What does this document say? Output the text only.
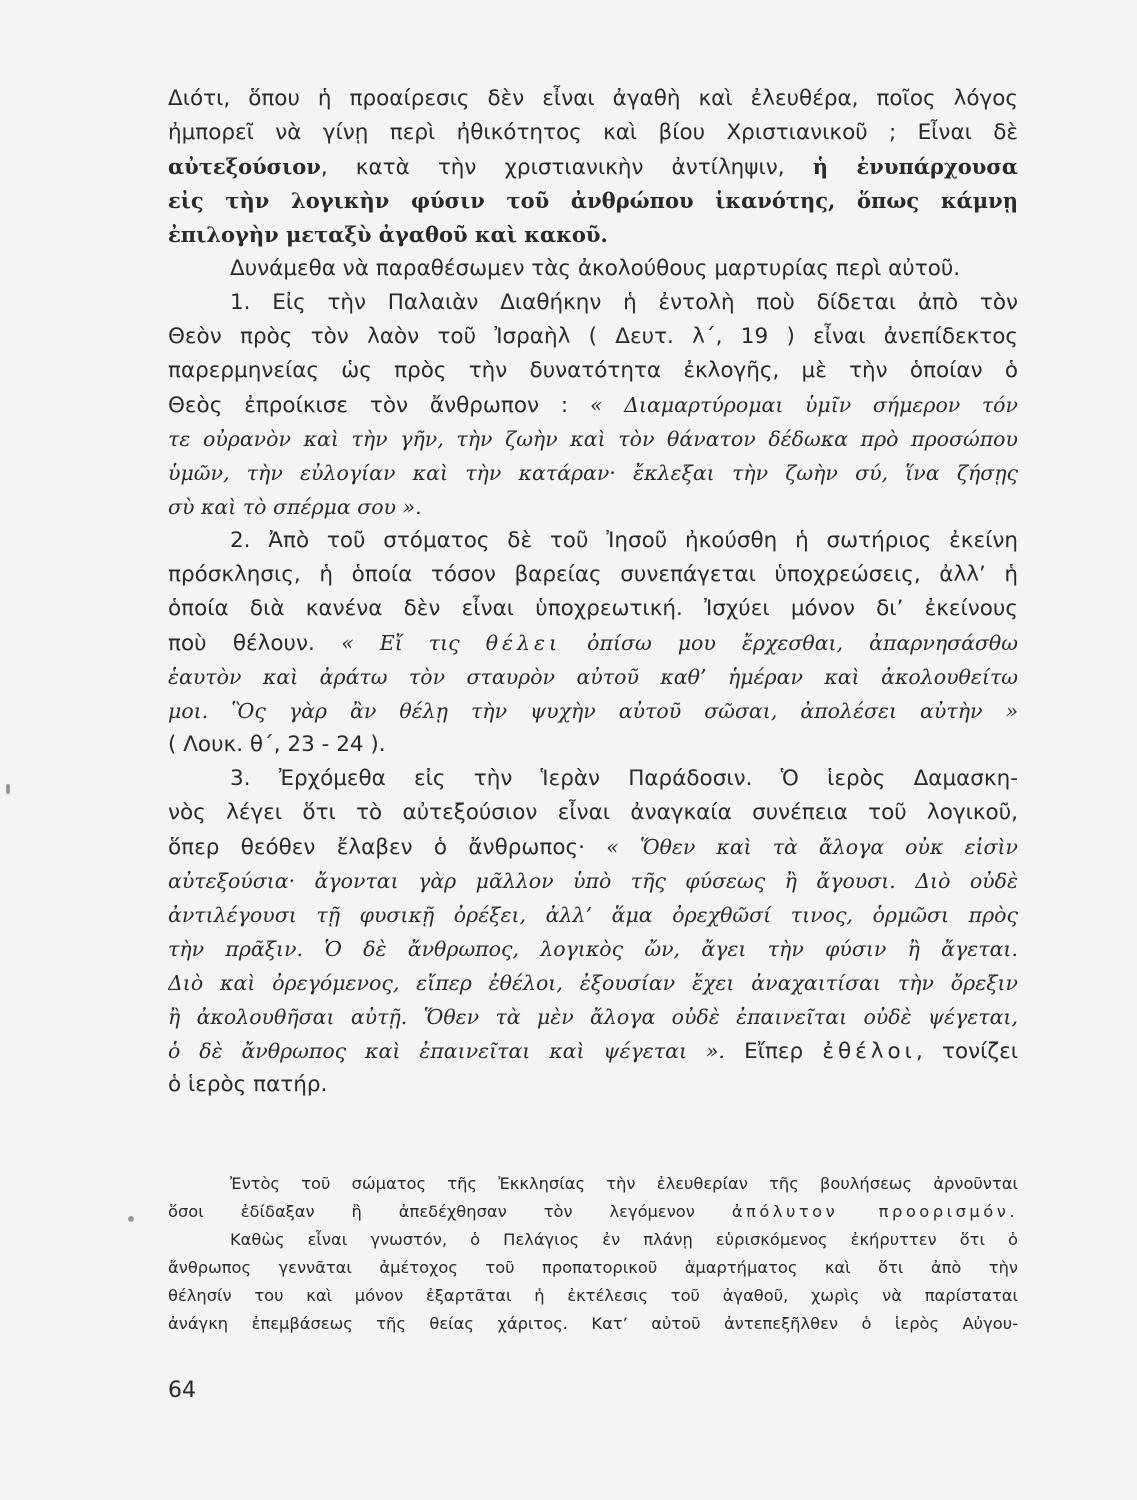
Διότι, ὅπου ἡ προαίρεσις δὲν εἶναι ἀγαθὴ καὶ ἐλευθέρα, ποῖος λόγος
ἠμπορεῖ νὰ γίνῃ περὶ ἠθικότητος καὶ βίου Χριστιανικοῦ ; Εἶναι δὲ
αὐτεξούσιον, κατὰ τὴν χριστιανικὴν ἀντίληψιν, ἡ ἐνυπάρχουσα
εἰς τὴν λογικὴν φύσιν τοῦ ἀνθρώπου ἱκανότης, ὅπως κάμνῃ
ἐπιλογὴν μεταξὺ ἀγαθοῦ καὶ κακοῦ.
Δυνάμεθα νὰ παραθέσωμεν τὰς ἀκολούθους μαρτυρίας περὶ αὐτοῦ.
1. Εἰς τὴν Παλαιὰν Διαθήκην ἡ ἐντολὴ ποὺ δίδεται ἀπὸ τὸν
Θεὸν πρὸς τὸν λαὸν τοῦ Ἰσραὴλ ( Δευτ. λ΄, 19 ) εἶναι ἀνεπίδεκτος
παρερμηνείας ὡς πρὸς τὴν δυνατότητα ἐκλογῆς, μὲ τὴν ὁποίαν ὁ
Θεὸς ἐπροίκισε τὸν ἄνθρωπον : « Διαμαρτύρομαι ὑμῖν σήμερον τόν
τε οὐρανὸν καὶ τὴν γῆν, τὴν ζωὴν καὶ τὸν θάνατον δέδωκα πρὸ προσώπου
ὑμῶν, τὴν εὐλογίαν καὶ τὴν κατάραν· ἔκλεξαι τὴν ζωὴν σύ, ἵνα ζήσῃς
σὺ καὶ τὸ σπέρμα σου ».
2. Ἀπὸ τοῦ στόματος δὲ τοῦ Ἰησοῦ ἠκούσθη ἡ σωτήριος ἐκείνη
πρόσκλησις, ἡ ὁποία τόσον βαρείας συνεπάγεται ὑποχρεώσεις, ἀλλ’ ἡ
ὁποία διὰ κανένα δὲν εἶναι ὑποχρεωτική. Ἰσχύει μόνον δι’ ἐκείνους
ποὺ θέλουν. « Εἴ τις θέλει ὀπίσω μου ἔρχεσθαι, ἀπαρνησάσθω
ἑαυτὸν καὶ ἀράτω τὸν σταυρὸν αὐτοῦ καθ’ ἡμέραν καὶ ἀκολουθείτω
μοι. Ὃς γὰρ ἂν θέλῃ τὴν ψυχὴν αὐτοῦ σῶσαι, ἀπολέσει αὐτὴν »
( Λουκ. θ΄, 23 - 24 ).
3. Ἐρχόμεθα εἰς τὴν Ἱερὰν Παράδοσιν. Ὁ ἱερὸς Δαμασκη-
νὸς λέγει ὅτι τὸ αὐτεξούσιον εἶναι ἀναγκαία συνέπεια τοῦ λογικοῦ,
ὅπερ θεόθεν ἔλαβεν ὁ ἄνθρωπος· « Ὅθεν καὶ τὰ ἄλογα οὐκ εἰσὶν
αὐτεξούσια· ἄγονται γὰρ μᾶλλον ὑπὸ τῆς φύσεως ἢ ἄγουσι. Διὸ οὐδὲ
ἀντιλέγουσι τῇ φυσικῇ ὀρέξει, ἀλλ’ ἅμα ὀρεχθῶσί τινος, ὁρμῶσι πρὸς
τὴν πρᾶξιν. Ὁ δὲ ἄνθρωπος, λογικὸς ὤν, ἄγει τὴν φύσιν ἢ ἄγεται.
Διὸ καὶ ὀρεγόμενος, εἴπερ ἐθέλοι, ἐξουσίαν ἔχει ἀναχαιτίσαι τὴν ὄρεξιν
ἢ ἀκολουθῆσαι αὐτῇ. Ὅθεν τὰ μὲν ἄλογα οὐδὲ ἐπαινεῖται οὐδὲ ψέγεται,
ὁ δὲ ἄνθρωπος καὶ ἐπαινεῖται καὶ ψέγεται ». Εἴπερ ἐθέλοι, τονίζει
ὁ ἱερὸς πατήρ.
Ἐντὸς τοῦ σώματος τῆς Ἐκκλησίας τὴν ἐλευθερίαν τῆς βουλήσεως ἀρνοῦνται
ὅσοι ἐδίδαξαν ἢ ἀπεδέχθησαν τὸν λεγόμενον ἀπόλυτον προορισμόν.
Καθὼς εἶναι γνωστόν, ὁ Πελάγιος ἐν πλάνῃ εὑρισκόμενος ἐκήρυττεν ὅτι ὁ
ἄνθρωπος γεννᾶται ἀμέτοχος τοῦ προπατορικοῦ ἁμαρτήματος καὶ ὅτι ἀπὸ τὴν
θέλησίν του καὶ μόνον ἐξαρτᾶται ἡ ἐκτέλεσις τοῦ ἀγαθοῦ, χωρὶς νὰ παρίσταται
ἀνάγκη ἐπεμβάσεως τῆς θείας χάριτος. Κατ’ αὐτοῦ ἀντεπεξῆλθεν ὁ ἱερὸς Αὐγου-
64
